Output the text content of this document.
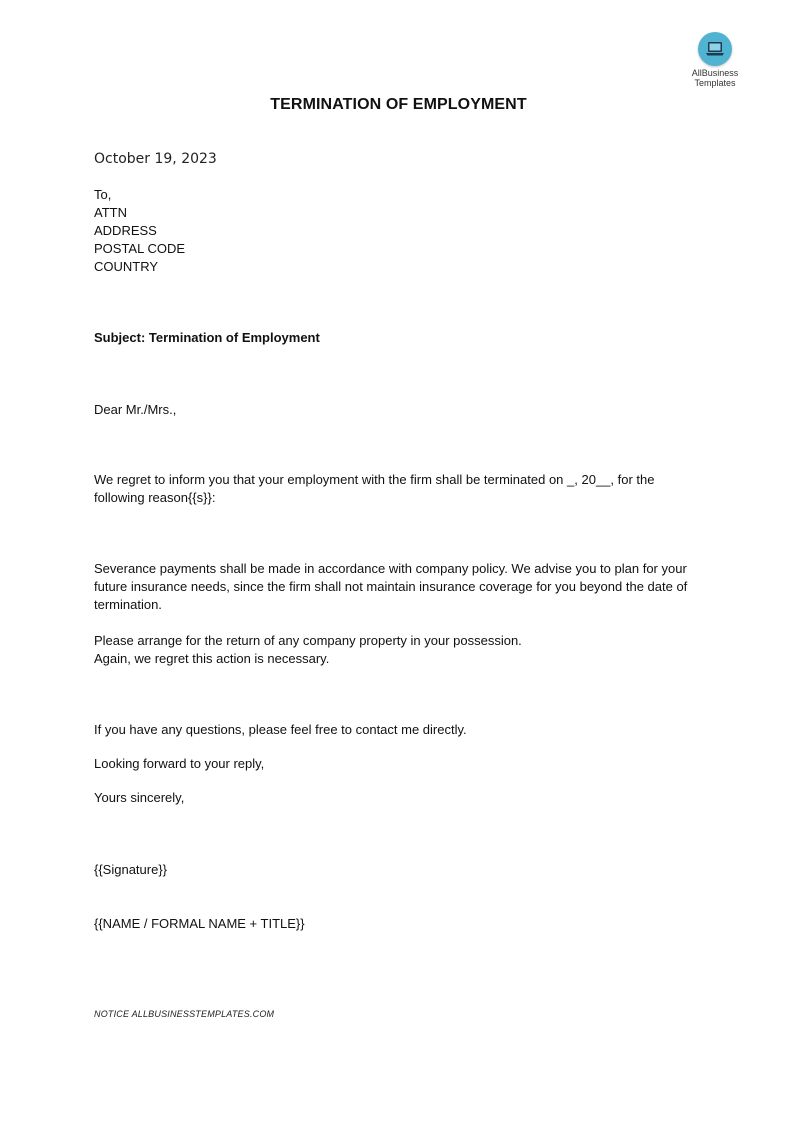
AllBusiness
Templates
TERMINATION OF EMPLOYMENT
October 19, 2023
To,
ATTN
ADDRESS
POSTAL CODE
COUNTRY
Subject: Termination of Employment
Dear Mr./Mrs.,
We regret to inform you that your employment with the firm shall be terminated on _, 20__, for the following reason{{s}}:
Severance payments shall be made in accordance with company policy. We advise you to plan for your future insurance needs, since the firm shall not maintain insurance coverage for you beyond the date of termination.
Please arrange for the return of any company property in your possession.
Again, we regret this action is necessary.
If you have any questions, please feel free to contact me directly.
Looking forward to your reply,
Yours sincerely,
{{Signature}}
{{NAME / FORMAL NAME + TITLE}}
NOTICE ALLBUSINESSTEMPLATES.COM
